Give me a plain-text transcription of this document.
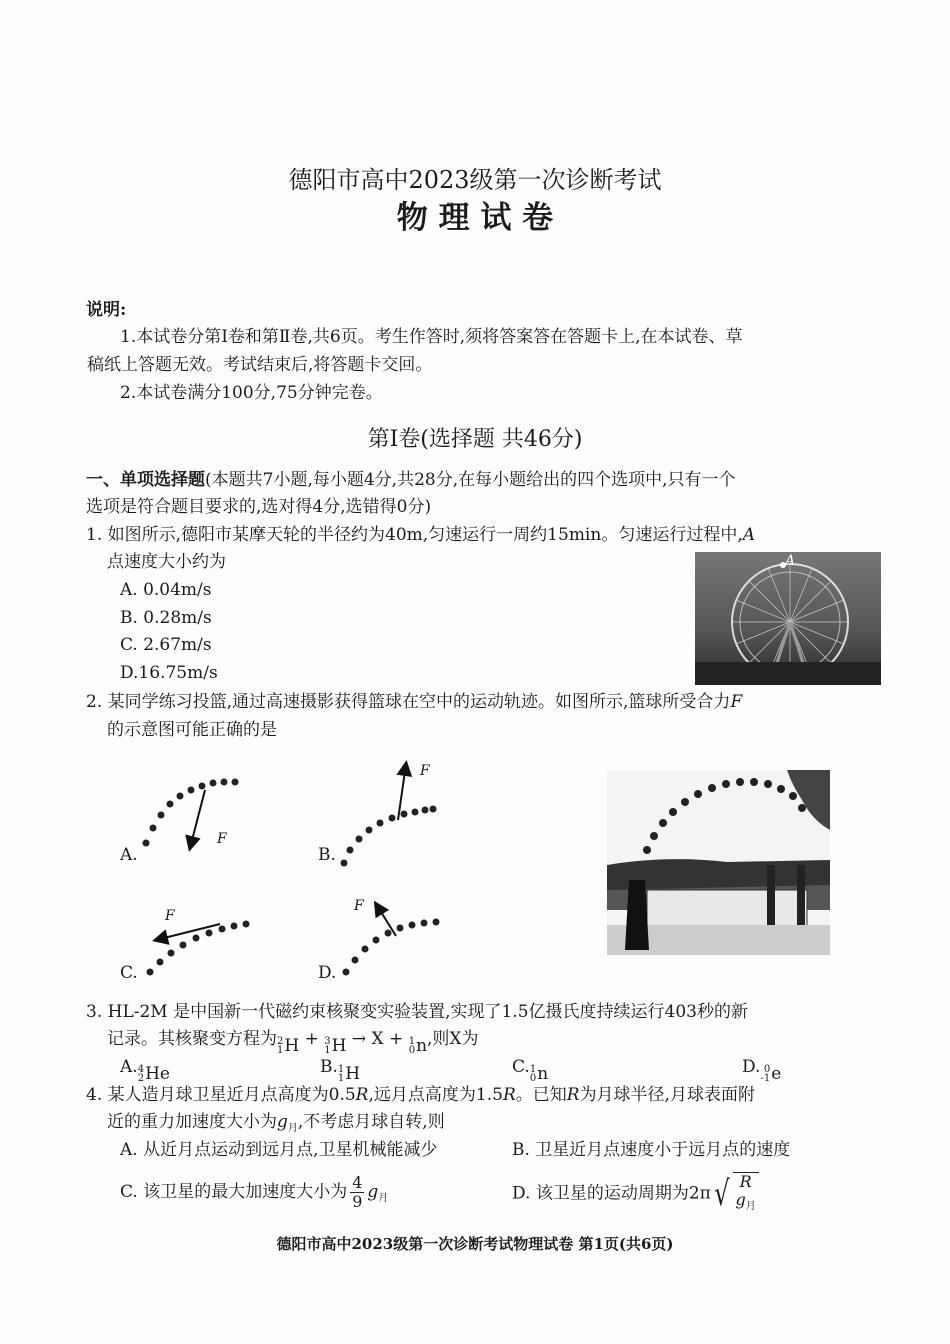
德阳市高中2023级第一次诊断考试
物 理 试 卷
说明:
1.本试卷分第Ⅰ卷和第Ⅱ卷,共6页。考生作答时,须将答案答在答题卡上,在本试卷、草
稿纸上答题无效。考试结束后,将答题卡交回。
2.本试卷满分100分,75分钟完卷。
第Ⅰ卷(选择题 共46分)
一、单项选择题(本题共7小题,每小题4分,共28分,在每小题给出的四个选项中,只有一个
选项是符合题目要求的,选对得4分,选错得0分)
1. 如图所示,德阳市某摩天轮的半径约为40m,匀速运行一周约15min。匀速运行过程中,A
点速度大小约为
A. 0.04m/s
B. 0.28m/s
C. 2.67m/s
D.16.75m/s
A
2. 某同学练习投篮,通过高速摄影获得篮球在空中的运动轨迹。如图所示,篮球所受合力F
的示意图可能正确的是
A.	B.
C.	D.
F
F
F
F
3. HL-2M 是中国新一代磁约束核聚变实验装置,实现了1.5亿摄氏度持续运行403秒的新
记录。其核聚变方程为 2
1 H + 3
1 H → X + 1
0 n ,则X为
A. 4
2 He	B. 1
1 H	C. 1
0 n	D. 0
-1 e
4. 某人造月球卫星近月点高度为0.5R,远月点高度为1.5R。已知R为月球半径,月球表面附
近的重力加速度大小为$g_月$,不考虑月球自转,则
A. 从近月点运动到远月点,卫星机械能减少	B. 卫星近月点速度小于远月点的速度
C. 该卫星的最大加速度大小为 $\frac{4}{9} g_月$	D. 该卫星的运动周期为2π √ R
$g_月$
德阳市高中2023级第一次诊断考试物理试卷 第1页(共6页)
